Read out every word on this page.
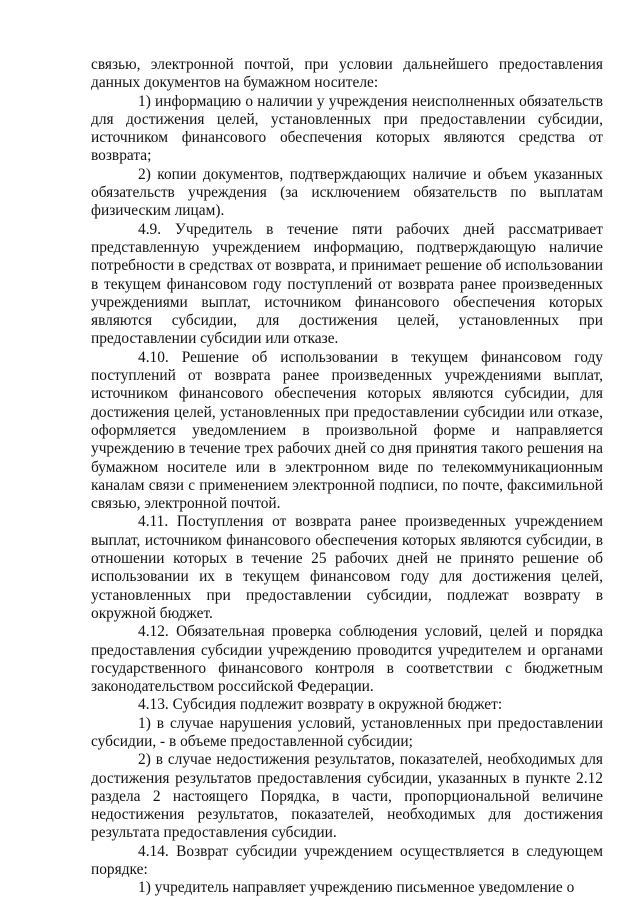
связью, электронной почтой, при условии дальнейшего предоставления данных документов на бумажном носителе:

1) информацию о наличии у учреждения неисполненных обязательств для достижения целей, установленных при предоставлении субсидии, источником финансового обеспечения которых являются средства от возврата;

2) копии документов, подтверждающих наличие и объем указанных обязательств учреждения (за исключением обязательств по выплатам физическим лицам).

4.9. Учредитель в течение пяти рабочих дней рассматривает представленную учреждением информацию, подтверждающую наличие потребности в средствах от возврата, и принимает решение об использовании в текущем финансовом году поступлений от возврата ранее произведенных учреждениями выплат, источником финансового обеспечения которых являются субсидии, для достижения целей, установленных при предоставлении субсидии или отказе.

4.10. Решение об использовании в текущем финансовом году поступлений от возврата ранее произведенных учреждениями выплат, источником финансового обеспечения которых являются субсидии, для достижения целей, установленных при предоставлении субсидии или отказе, оформляется уведомлением в произвольной форме и направляется учреждению в течение трех рабочих дней со дня принятия такого решения на бумажном носителе или в электронном виде по телекоммуникационным каналам связи с применением электронной подписи, по почте, факсимильной связью, электронной почтой.

4.11. Поступления от возврата ранее произведенных учреждением выплат, источником финансового обеспечения которых являются субсидии, в отношении которых в течение 25 рабочих дней не принято решение об использовании их в текущем финансовом году для достижения целей, установленных при предоставлении субсидии, подлежат возврату в окружной бюджет.

4.12. Обязательная проверка соблюдения условий, целей и порядка предоставления субсидии учреждению проводится учредителем и органами государственного финансового контроля в соответствии с бюджетным законодательством российской Федерации.

4.13. Субсидия подлежит возврату в окружной бюджет:

1) в случае нарушения условий, установленных при предоставлении субсидии, - в объеме предоставленной субсидии;

2) в случае недостижения результатов, показателей, необходимых для достижения результатов предоставления субсидии, указанных в пункте 2.12 раздела 2 настоящего Порядка, в части, пропорциональной величине недостижения результатов, показателей, необходимых для достижения результата предоставления субсидии.

4.14. Возврат субсидии учреждением осуществляется в следующем порядке:

1) учредитель направляет учреждению письменное уведомление о
